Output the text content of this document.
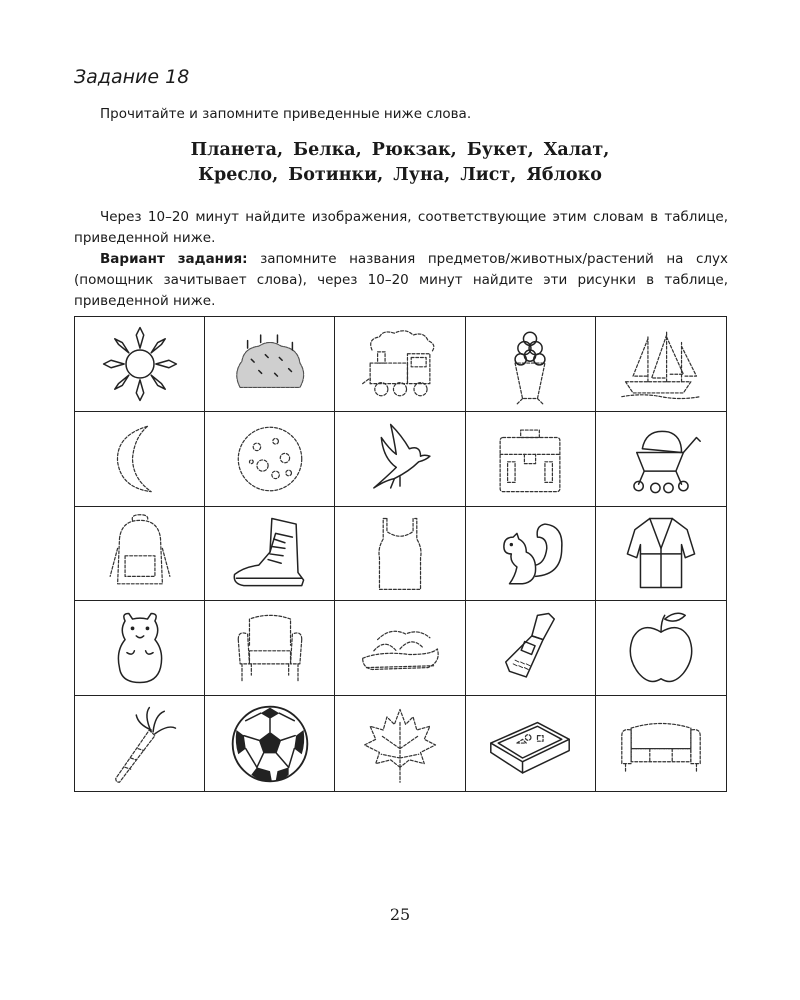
Задание 18

Прочитайте и запомните приведенные ниже слова.

Планета, Белка, Рюкзак, Букет, Халат,

Кресло, Ботинки, Луна, Лист, Яблоко

Через 10–20 минут найдите изображения, соответствующие этим словам в таблице, приведенной ниже.

Вариант задания: запомните названия предметов/животных/растений на слух (помощник зачитывает слова), через 10–20 минут найдите эти рисунки в таблице, приведенной ниже.

25
